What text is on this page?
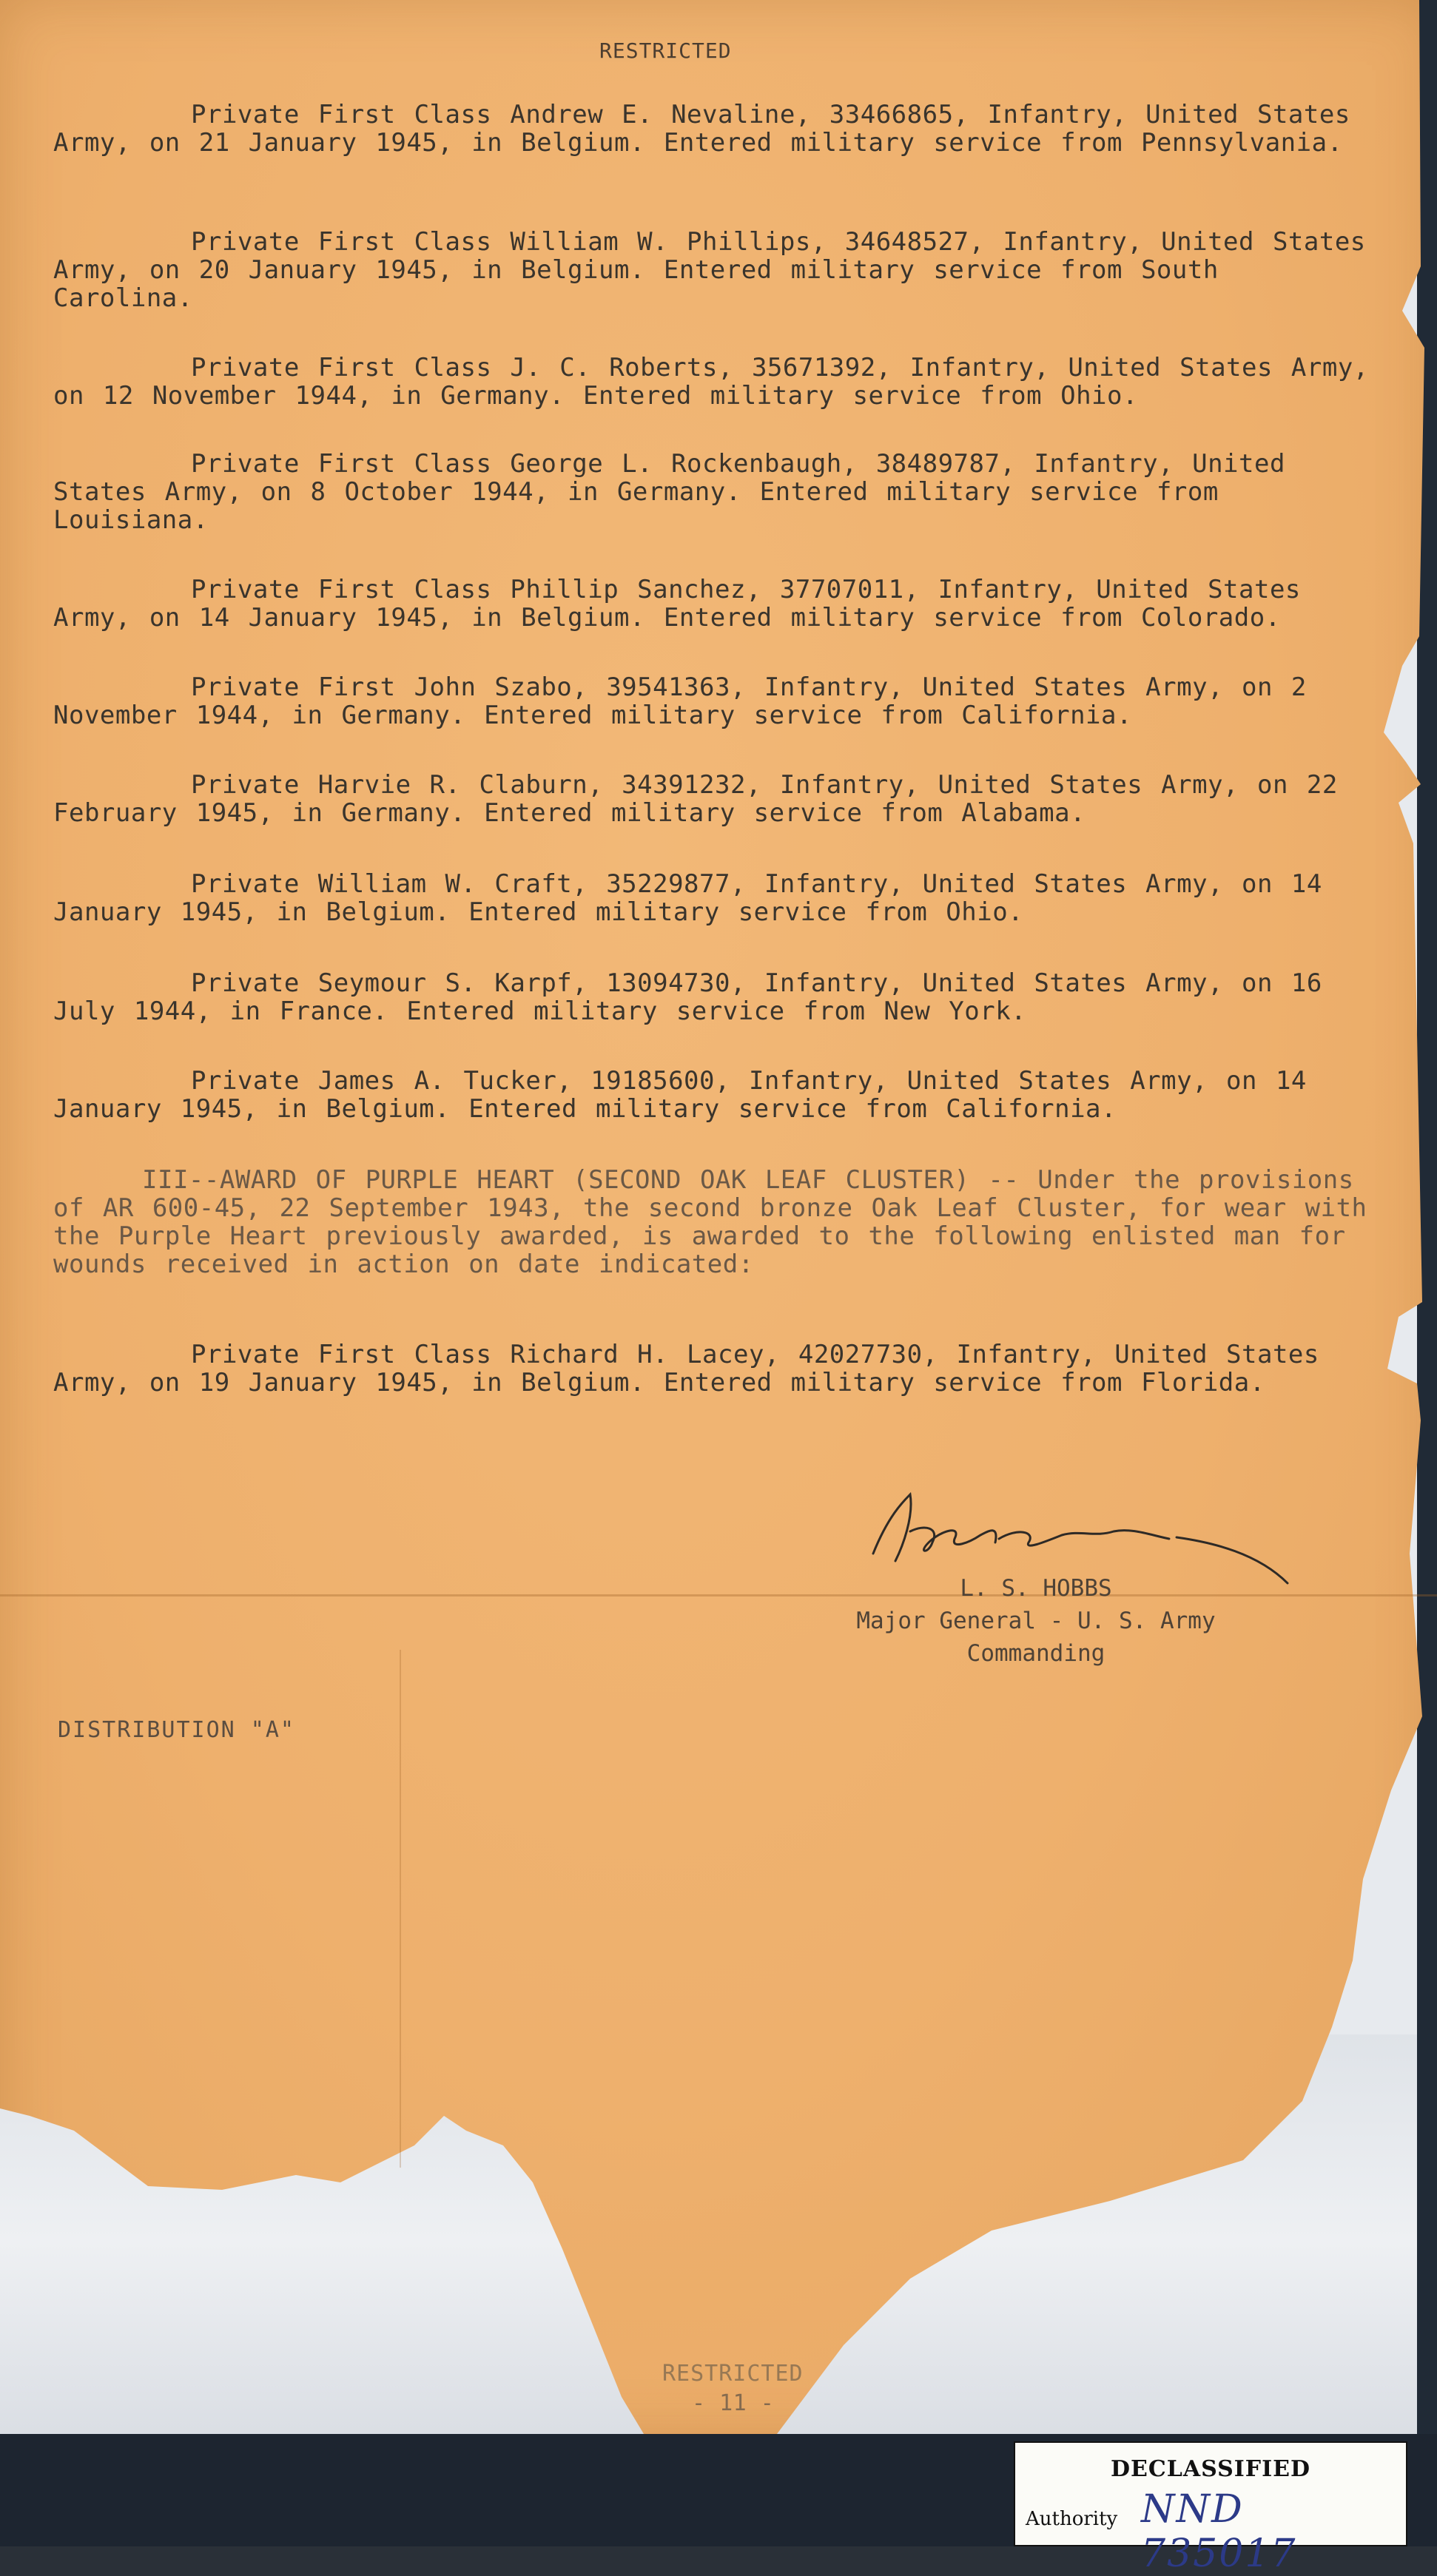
RESTRICTED
Private First Class Andrew E. Nevaline, 33466865, Infantry, United States Army, on 21 January 1945, in Belgium. Entered military service from Pennsylvania.
Private First Class William W. Phillips, 34648527, Infantry, United States Army, on 20 January 1945, in Belgium. Entered military service from South Carolina.
Private First Class J. C. Roberts, 35671392, Infantry, United States Army, on 12 November 1944, in Germany. Entered military service from Ohio.
Private First Class George L. Rockenbaugh, 38489787, Infantry, United States Army, on 8 October 1944, in Germany. Entered military service from Louisiana.
Private First Class Phillip Sanchez, 37707011, Infantry, United States Army, on 14 January 1945, in Belgium. Entered military service from Colorado.
Private First John Szabo, 39541363, Infantry, United States Army, on 2 November 1944, in Germany. Entered military service from California.
Private Harvie R. Claburn, 34391232, Infantry, United States Army, on 22 February 1945, in Germany. Entered military service from Alabama.
Private William W. Craft, 35229877, Infantry, United States Army, on 14 January 1945, in Belgium. Entered military service from Ohio.
Private Seymour S. Karpf, 13094730, Infantry, United States Army, on 16 July 1944, in France. Entered military service from New York.
Private James A. Tucker, 19185600, Infantry, United States Army, on 14 January 1945, in Belgium. Entered military service from California.
III--AWARD OF PURPLE HEART (SECOND OAK LEAF CLUSTER) -- Under the provisions of AR 600-45, 22 September 1943, the second bronze Oak Leaf Cluster, for wear with the Purple Heart previously awarded, is awarded to the following enlisted man for wounds received in action on date indicated:
Private First Class Richard H. Lacey, 42027730, Infantry, United States Army, on 19 January 1945, in Belgium. Entered military service from Florida.
L. S. HOBBS
Major General - U. S. Army
Commanding
DISTRIBUTION "A"
RESTRICTED
- 11 -
DECLASSIFIED
Authority NND 735017
